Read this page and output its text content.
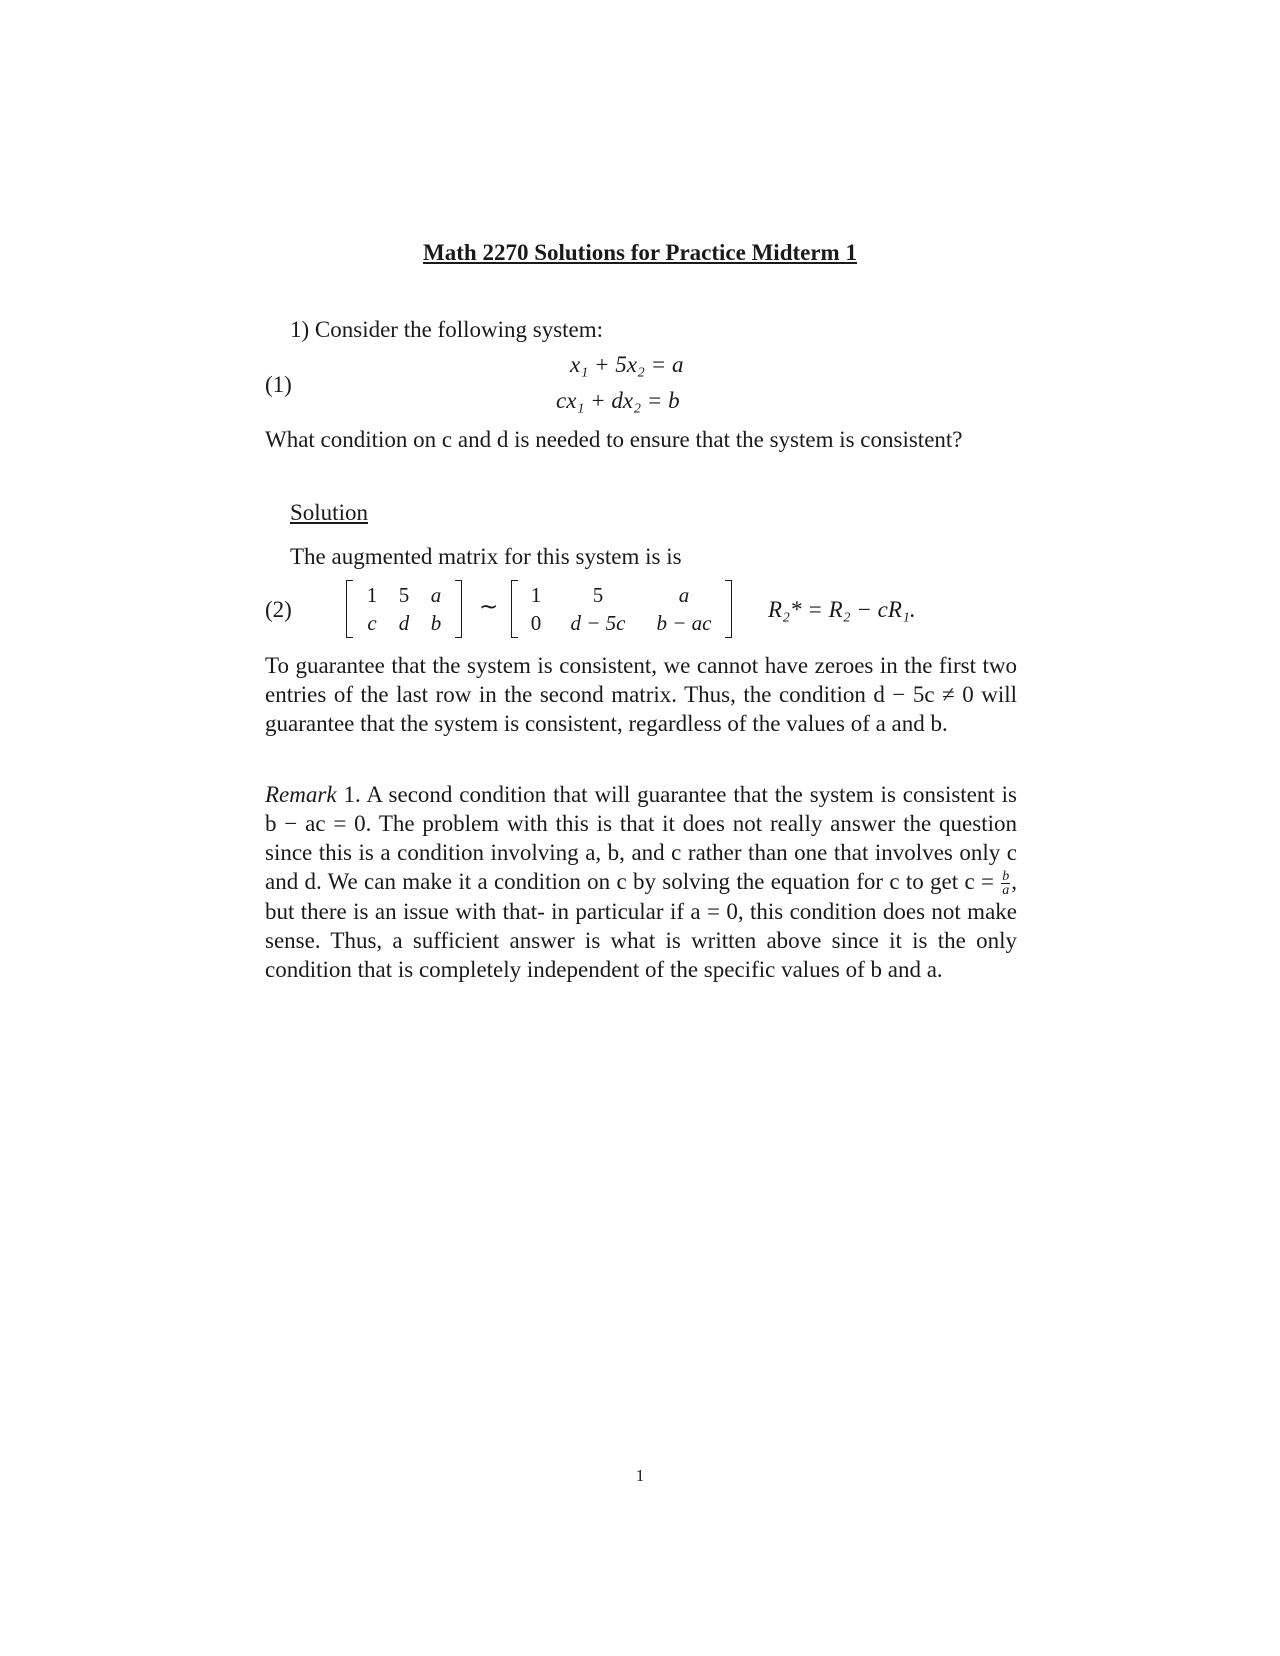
Math 2270 Solutions for Practice Midterm 1
1) Consider the following system:
(1)
x₁ + 5x₂ = a
cx₁ + dx₂ = b
What condition on c and d is needed to ensure that the system is consistent?
Solution
The augmented matrix for this system is is
(2)
1	5	a
c	d	b
∼	1	5	a
0	d − 5c	b − ac
R₂* = R₂ − cR₁.
To guarantee that the system is consistent, we cannot have zeroes in the first two entries of the last row in the second matrix. Thus, the condition d − 5c ≠ 0 will guarantee that the system is consistent, regardless of the values of a and b.
Remark 1. A second condition that will guarantee that the system is consistent is b − ac = 0. The problem with this is that it does not really answer the question since this is a condition involving a, b, and c rather than one that involves only c and d. We can make it a condition on c by solving the equation for c to get $c = \frac{b}{a}$ , but there is an issue with that- in particular if a = 0, this condition does not make sense. Thus, a sufficient answer is what is written above since it is the only condition that is completely independent of the specific values of b and a.
1
